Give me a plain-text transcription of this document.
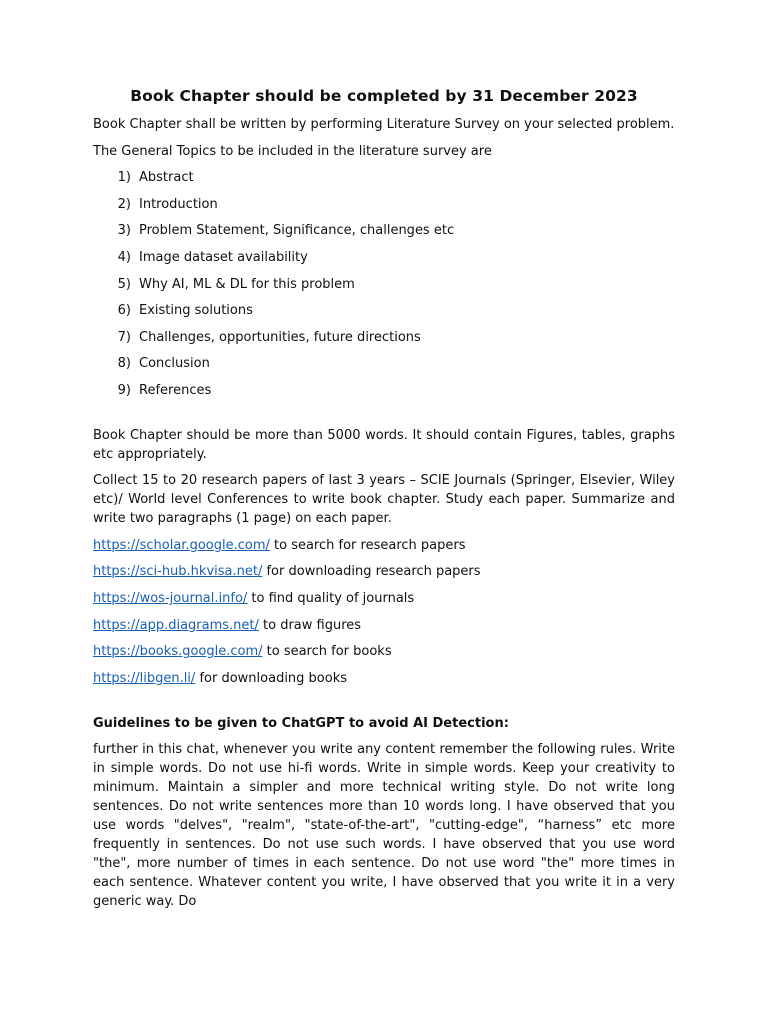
Book Chapter should be completed by 31 December 2023

Book Chapter shall be written by performing Literature Survey on your selected problem.

The General Topics to be included in the literature survey are

1) Abstract
2) Introduction
3) Problem Statement, Significance, challenges etc
4) Image dataset availability
5) Why AI, ML & DL for this problem
6) Existing solutions
7) Challenges, opportunities, future directions
8) Conclusion
9) References

Book Chapter should be more than 5000 words. It should contain Figures, tables, graphs etc appropriately.

Collect 15 to 20 research papers of last 3 years – SCIE Journals (Springer, Elsevier, Wiley etc)/ World level Conferences to write book chapter. Study each paper. Summarize and write two paragraphs (1 page) on each paper.

https://scholar.google.com/ to search for research papers
https://sci-hub.hkvisa.net/ for downloading research papers
https://wos-journal.info/ to find quality of journals
https://app.diagrams.net/ to draw figures
https://books.google.com/ to search for books
https://libgen.li/ for downloading books

Guidelines to be given to ChatGPT to avoid AI Detection:

further in this chat, whenever you write any content remember the following rules. Write in simple words. Do not use hi-fi words. Write in simple words. Keep your creativity to minimum. Maintain a simpler and more technical writing style. Do not write long sentences. Do not write sentences more than 10 words long. I have observed that you use words "delves", "realm", "state-of-the-art", "cutting-edge", “harness” etc more frequently in sentences. Do not use such words. I have observed that you use word "the", more number of times in each sentence. Do not use word "the" more times in each sentence. Whatever content you write, I have observed that you write it in a very generic way. Do
